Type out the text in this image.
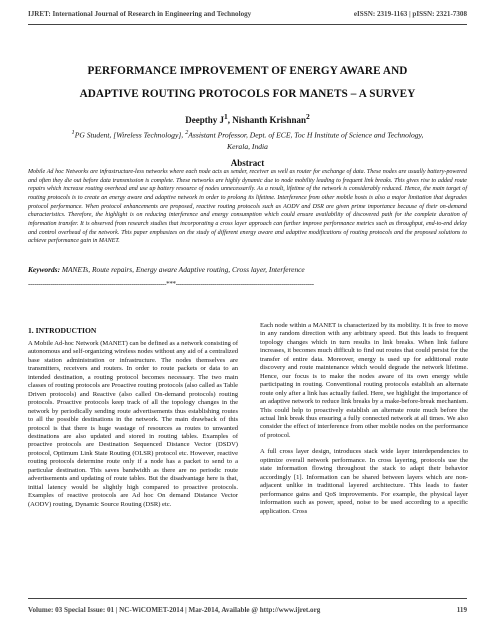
IJRET: International Journal of Research in Engineering and Technology	eISSN: 2319-1163 | pISSN: 2321-7308
PERFORMANCE IMPROVEMENT OF ENERGY AWARE AND
ADAPTIVE ROUTING PROTOCOLS FOR MANETS – A SURVEY
Deepthy $J^1$, Nishanth Krishnan$^2$
$^1$PG Student, [Wireless Technology], $^2$Assistant Professor, Dept. of ECE, Toc H Institute of Science and Technology,
Kerala, India
Abstract
Mobile Ad hoc Networks are infrastructure-less networks where each node acts as sender, receiver as well as router for exchange of data. These nodes are usually battery-powered and often they die out before data transmission is complete. These networks are highly dynamic due to node mobility leading to frequent link breaks. This gives rise to added route repairs which increase routing overhead and use up battery resource of nodes unnecessarily. As a result, lifetime of the network is considerably reduced. Hence, the main target of routing protocols is to create an energy aware and adaptive network in order to prolong its lifetime. Interference from other mobile hosts is also a major limitation that degrades protocol performance. When protocol enhancements are proposed, reactive routing protocols such as AODV and DSR are given prime importance because of their on-demand characteristics. Therefore, the highlight is on reducing interference and energy consumption which could ensure availability of discovered path for the complete duration of information transfer. It is observed from research studies that incorporating a cross layer approach can further improve performance metrics such as throughput, end-to-end delay and control overhead of the network. This paper emphasizes on the study of different energy aware and adaptive modifications of routing protocols and the proposed solutions to achieve performance gain in MANET.
Keywords: MANETs, Route repairs, Energy aware Adaptive routing, Cross layer, Interference
--------------------------------------------------------------------***--------------------------------------------------------------------
1. INTRODUCTION

A Mobile Ad-hoc Network (MANET) can be defined as a network consisting of autonomous and self-organizing wireless nodes without any aid of a centralized base station administration or infrastructure. The nodes themselves are transmitters, receivers and routers. In order to route packets or data to an intended destination, a routing protocol becomes necessary. The two main classes of routing protocols are Proactive routing protocols (also called as Table Driven protocols) and Reactive (also called On-demand protocols) routing protocols. Proactive protocols keep track of all the topology changes in the network by periodically sending route advertisements thus establishing routes to all the possible destinations in the network. The main drawback of this protocol is that there is huge wastage of resources as routes to unwanted destinations are also updated and stored in routing tables. Examples of proactive protocols are Destination Sequenced Distance Vector (DSDV) protocol, Optimum Link State Routing (OLSR) protocol etc. However, reactive routing protocols determine route only if a node has a packet to send to a particular destination. This saves bandwidth as there are no periodic route advertisements and updating of route tables. But the disadvantage here is that, initial latency would be slightly high compared to proactive protocols. Examples of reactive protocols are Ad hoc On demand Distance Vector (AODV) routing, Dynamic Source Routing (DSR) etc.

Each node within a MANET is characterized by its mobility. It is free to move in any random direction with any arbitrary speed. But this leads to frequent topology changes which in turn results in link breaks. When link failure increases, it becomes much difficult to find out routes that could persist for the transfer of entire data. Moreover, energy is used up for additional route discovery and route maintenance which would degrade the network lifetime. Hence, our focus is to make the nodes aware of its own energy while participating in routing. Conventional routing protocols establish an alternate route only after a link has actually failed. Here, we highlight the importance of an adaptive network to reduce link breaks by a make-before-break mechanism. This could help to proactively establish an alternate route much before the actual link break thus ensuring a fully connected network at all times. We also consider the effect of interference from other mobile nodes on the performance of protocol.

A full cross layer design, introduces stack wide layer interdependencies to optimize overall network performance. In cross layering, protocols use the state information flowing throughout the stack to adapt their behavior accordingly [1]. Information can be shared between layers which are non-adjacent unlike in traditional layered architecture. This leads to faster performance gains and QoS improvements. For example, the physical layer information such as power, speed, noise to be used according to a specific application. Cross

Volume: 03 Special Issue: 01 | NC-WiCOMET-2014 | Mar-2014, Available @ http://www.ijret.org	119
